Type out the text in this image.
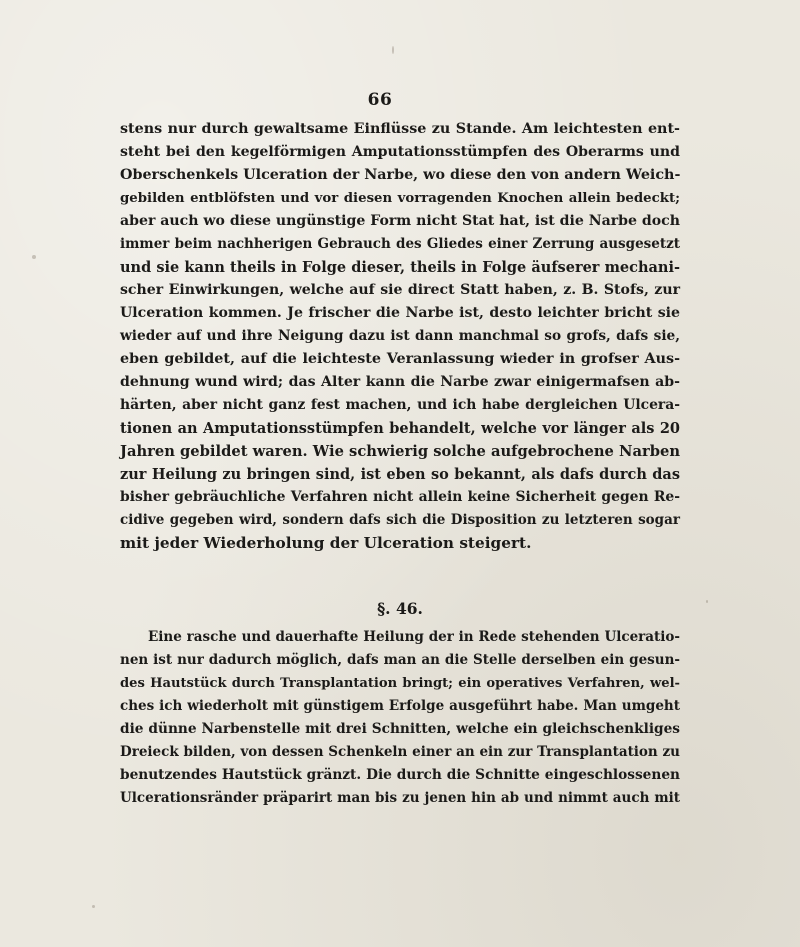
66
stens nur durch gewaltsame Einflüsse zu Stande. Am leichtesten ent-
steht bei den kegelförmigen Amputationsstümpfen des Oberarms und
Oberschenkels Ulceration der Narbe, wo diese den von andern Weich-
gebilden entblöfsten und vor diesen vorragenden Knochen allein bedeckt;
aber auch wo diese ungünstige Form nicht Stat hat, ist die Narbe doch
immer beim nachherigen Gebrauch des Gliedes einer Zerrung ausgesetzt
und sie kann theils in Folge dieser, theils in Folge äufserer mechani-
scher Einwirkungen, welche auf sie direct Statt haben, z. B. Stofs, zur
Ulceration kommen. Je frischer die Narbe ist, desto leichter bricht sie
wieder auf und ihre Neigung dazu ist dann manchmal so grofs, dafs sie,
eben gebildet, auf die leichteste Veranlassung wieder in grofser Aus-
dehnung wund wird; das Alter kann die Narbe zwar einigermafsen ab-
härten, aber nicht ganz fest machen, und ich habe dergleichen Ulcera-
tionen an Amputationsstümpfen behandelt, welche vor länger als 20
Jahren gebildet waren. Wie schwierig solche aufgebrochene Narben
zur Heilung zu bringen sind, ist eben so bekannt, als dafs durch das
bisher gebräuchliche Verfahren nicht allein keine Sicherheit gegen Re-
cidive gegeben wird, sondern dafs sich die Disposition zu letzteren sogar
mit jeder Wiederholung der Ulceration steigert.
§. 46.
Eine rasche und dauerhafte Heilung der in Rede stehenden Ulceratio-
nen ist nur dadurch möglich, dafs man an die Stelle derselben ein gesun-
des Hautstück durch Transplantation bringt; ein operatives Verfahren, wel-
ches ich wiederholt mit günstigem Erfolge ausgeführt habe. Man umgeht
die dünne Narbenstelle mit drei Schnitten, welche ein gleichschenkliges
Dreieck bilden, von dessen Schenkeln einer an ein zur Transplantation zu
benutzendes Hautstück gränzt. Die durch die Schnitte eingeschlossenen
Ulcerationsränder präparirt man bis zu jenen hin ab und nimmt auch mit
